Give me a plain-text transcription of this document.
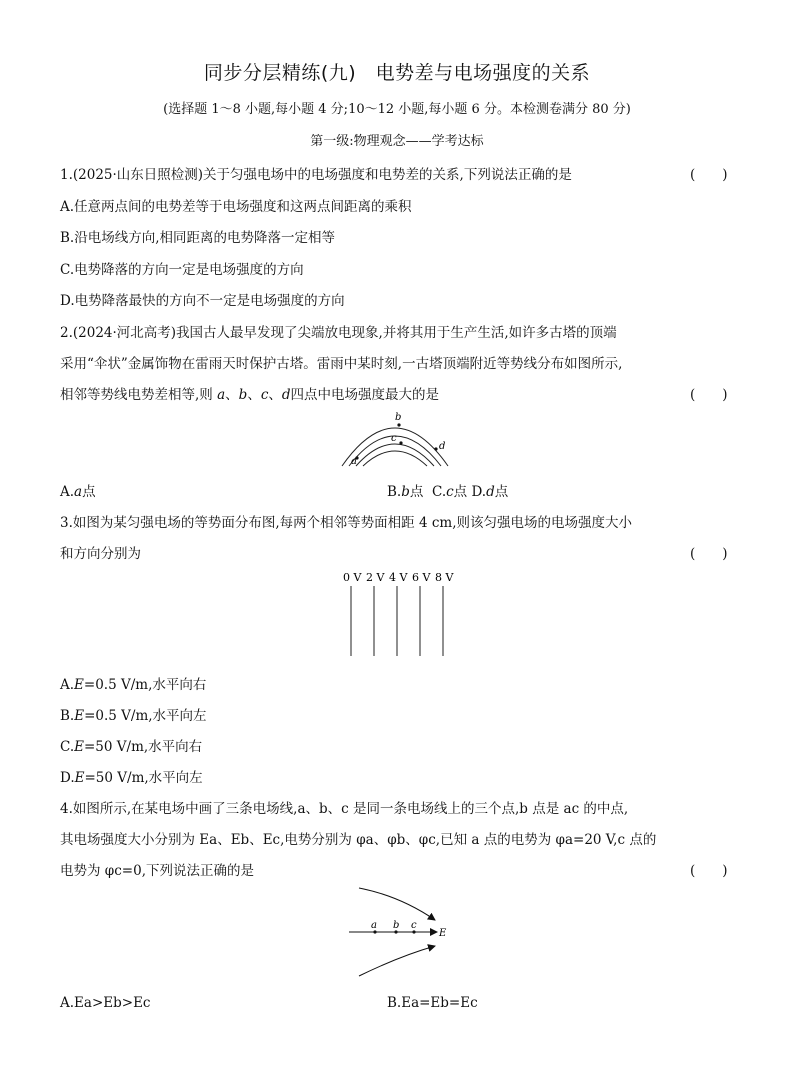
同步分层精练(九)　电势差与电场强度的关系
(选择题 1～8 小题,每小题 4 分;10～12 小题,每小题 6 分。本检测卷满分 80 分)
第一级:物理观念——学考达标
1.(2025·山东日照检测)关于匀强电场中的电场强度和电势差的关系,下列说法正确的是	(　　)
A.任意两点间的电势差等于电场强度和这两点间距离的乘积
B.沿电场线方向,相同距离的电势降落一定相等
C.电势降落的方向一定是电场强度的方向
D.电势降落最快的方向不一定是电场强度的方向
2.(2024·河北高考)我国古人最早发现了尖端放电现象,并将其用于生产生活,如许多古塔的顶端
采用“伞状”金属饰物在雷雨天时保护古塔。雷雨中某时刻,一古塔顶端附近等势线分布如图所示,
相邻等势线电势差相等,则 a、b、c、d四点中电场强度最大的是	(　　)
b
c
d
a
A.a点	B.b点 C.c点 D.d点
3.如图为某匀强电场的等势面分布图,每两个相邻等势面相距 4 cm,则该匀强电场的电场强度大小
和方向分别为	(　　)
0 V 2 V 4 V 6 V 8 V
A.E=0.5 V/m,水平向右
B.E=0.5 V/m,水平向左
C.E=50 V/m,水平向右
D.E=50 V/m,水平向左
4.如图所示,在某电场中画了三条电场线,a、b、c 是同一条电场线上的三个点,b 点是 ac 的中点,
其电场强度大小分别为 Ea、Eb、Ec,电势分别为 φa、φb、φc,已知 a 点的电势为 φa=20 V,c 点的
电势为 φc=0,下列说法正确的是	(　　)
a b c
E
A.Ea>Eb>Ec	B.Ea=Eb=Ec
